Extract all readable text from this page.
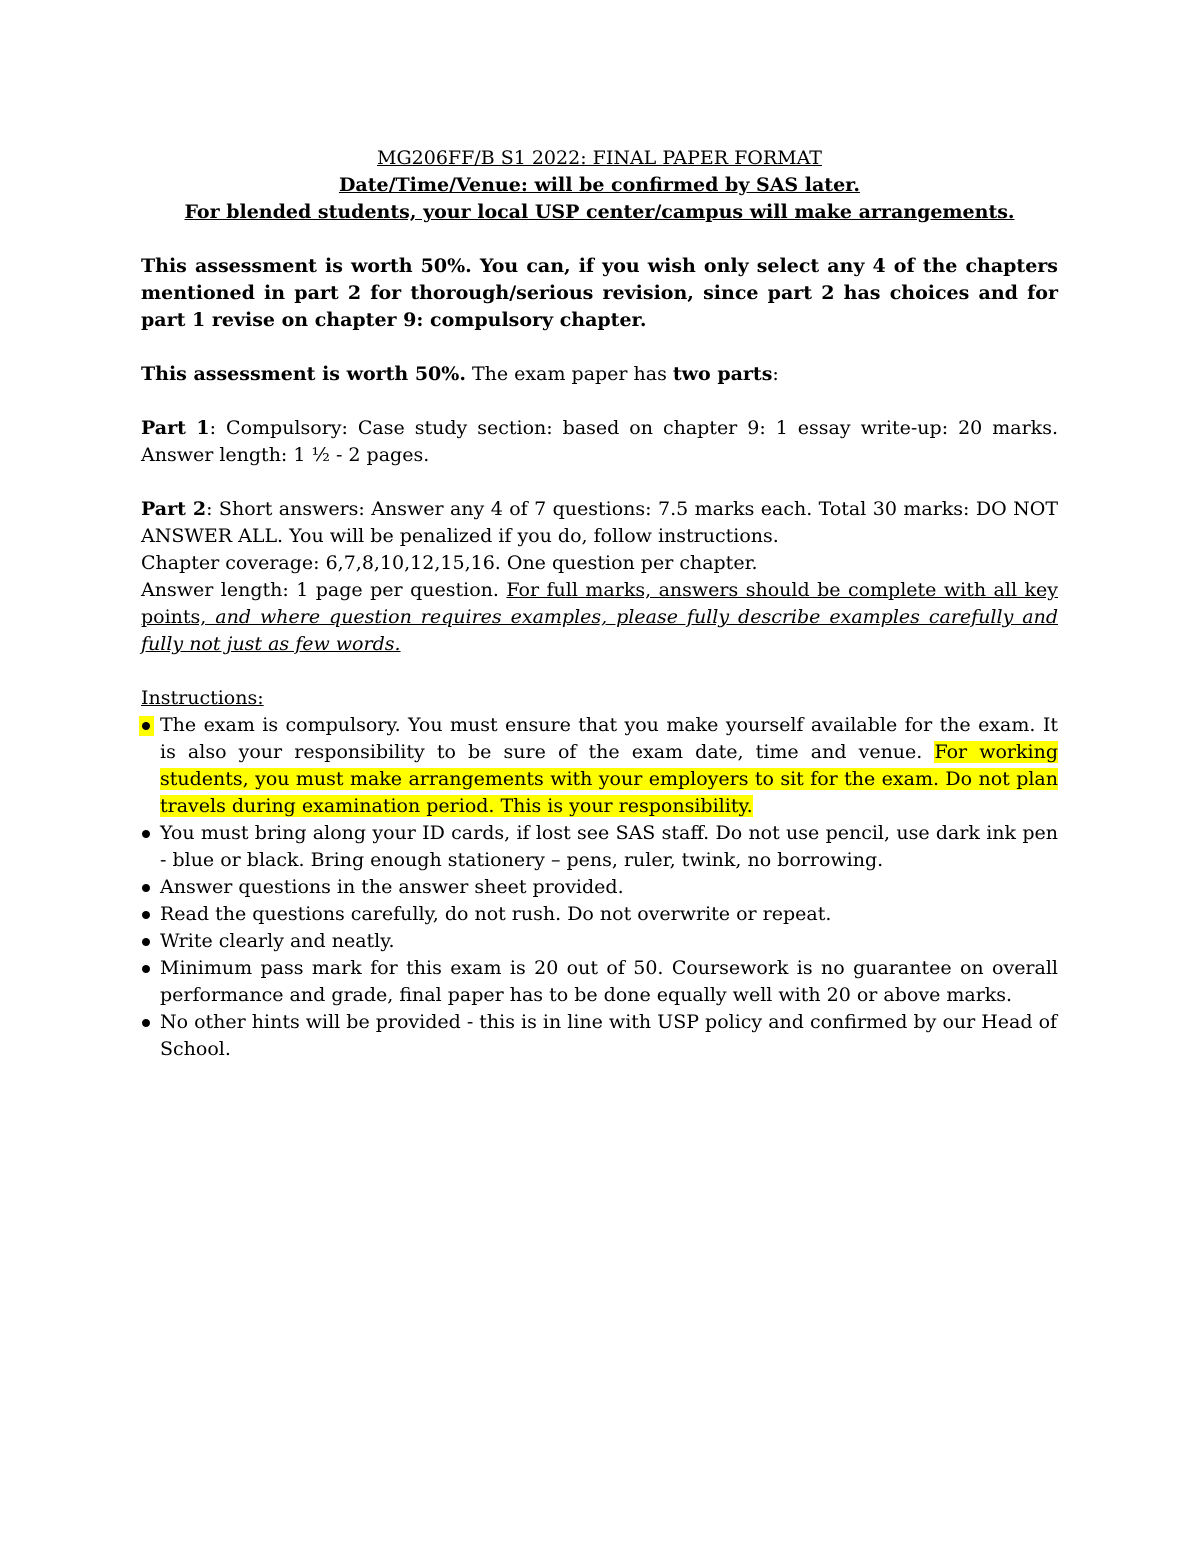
MG206FF/B S1 2022: FINAL PAPER FORMAT

Date/Time/Venue: will be confirmed by SAS later.

For blended students, your local USP center/campus will make arrangements.

This assessment is worth 50%. You can, if you wish only select any 4 of the chapters mentioned in part 2 for thorough/serious revision, since part 2 has choices and for part 1 revise on chapter 9: compulsory chapter.

This assessment is worth 50%. The exam paper has two parts:

Part 1: Compulsory: Case study section: based on chapter 9: 1 essay write-up: 20 marks. Answer length: 1 ½ - 2 pages.

Part 2: Short answers: Answer any 4 of 7 questions: 7.5 marks each. Total 30 marks: DO NOT ANSWER ALL. You will be penalized if you do, follow instructions.

Chapter coverage: 6,7,8,10,12,15,16. One question per chapter.

Answer length: 1 page per question. For full marks, answers should be complete with all key points, and where question requires examples, please fully describe examples carefully and fully not just as few words.

Instructions:

The exam is compulsory. You must ensure that you make yourself available for the exam. It is also your responsibility to be sure of the exam date, time and venue. For working students, you must make arrangements with your employers to sit for the exam. Do not plan travels during examination period. This is your responsibility.
You must bring along your ID cards, if lost see SAS staff. Do not use pencil, use dark ink pen - blue or black. Bring enough stationery – pens, ruler, twink, no borrowing.
Answer questions in the answer sheet provided.
Read the questions carefully, do not rush. Do not overwrite or repeat.
Write clearly and neatly.
Minimum pass mark for this exam is 20 out of 50. Coursework is no guarantee on overall performance and grade, final paper has to be done equally well with 20 or above marks.
No other hints will be provided - this is in line with USP policy and confirmed by our Head of School.
